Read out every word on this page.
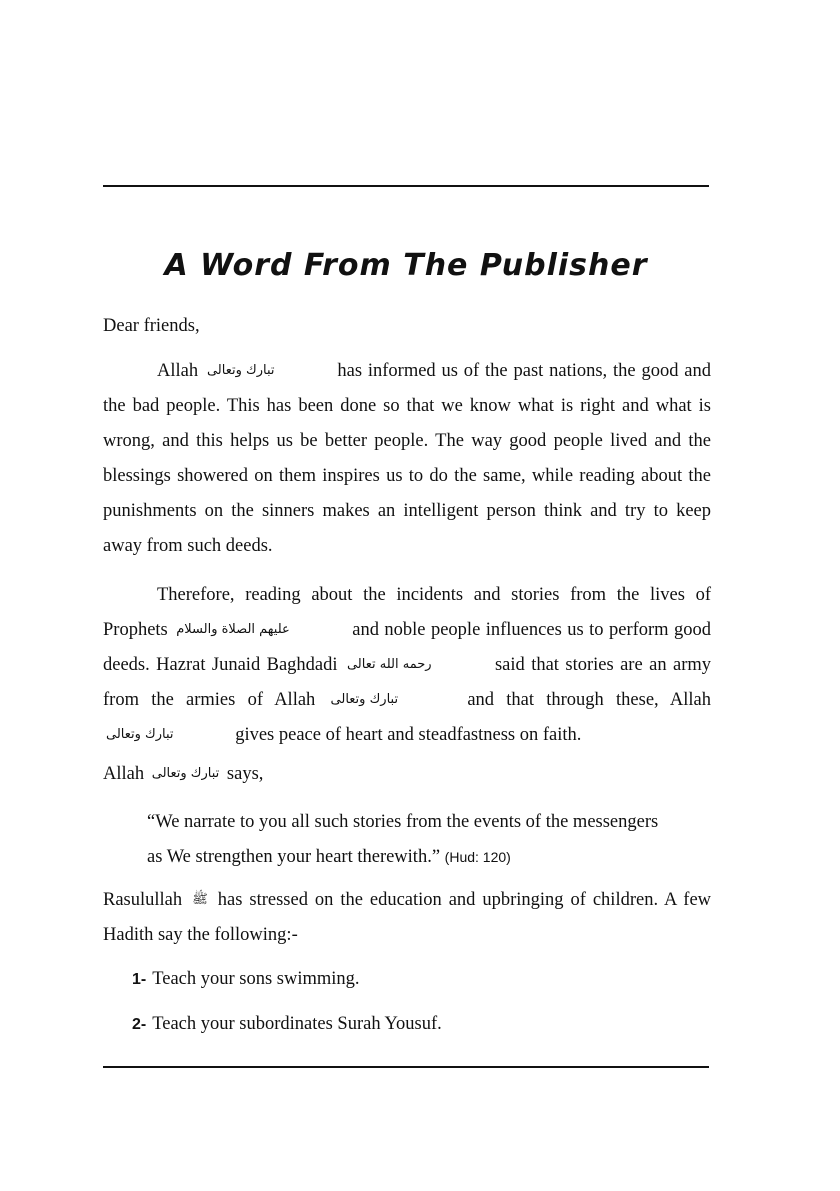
A Word From The Publisher

Dear friends,

Allah تبارك وتعالى	has informed us of the past nations, the good and the bad people. This has been done so that we know what is right and what is wrong, and this helps us be better people. The way good people lived and the blessings showered on them inspires us to do the same, while reading about the punishments on the sinners makes an intelligent person think and try to keep away from such deeds.

Therefore, reading about the incidents and stories from the lives of Prophets عليهم الصلاة والسلام	and noble people influences us to perform good deeds. Hazrat Junaid Baghdadi رحمه الله تعالى	said that stories are an army from the armies of Allah تبارك وتعالى	and that through these, Allah تبارك وتعالى	gives peace of heart and steadfastness on faith.

Allah تبارك وتعالى says,

“We narrate to you all such stories from the events of the messengers as We strengthen your heart therewith.” (Hud: 120)

Rasulullah ﷺ has stressed on the education and upbringing of children. A few Hadith say the following:-

1- Teach your sons swimming.

2- Teach your subordinates Surah Yousuf.
